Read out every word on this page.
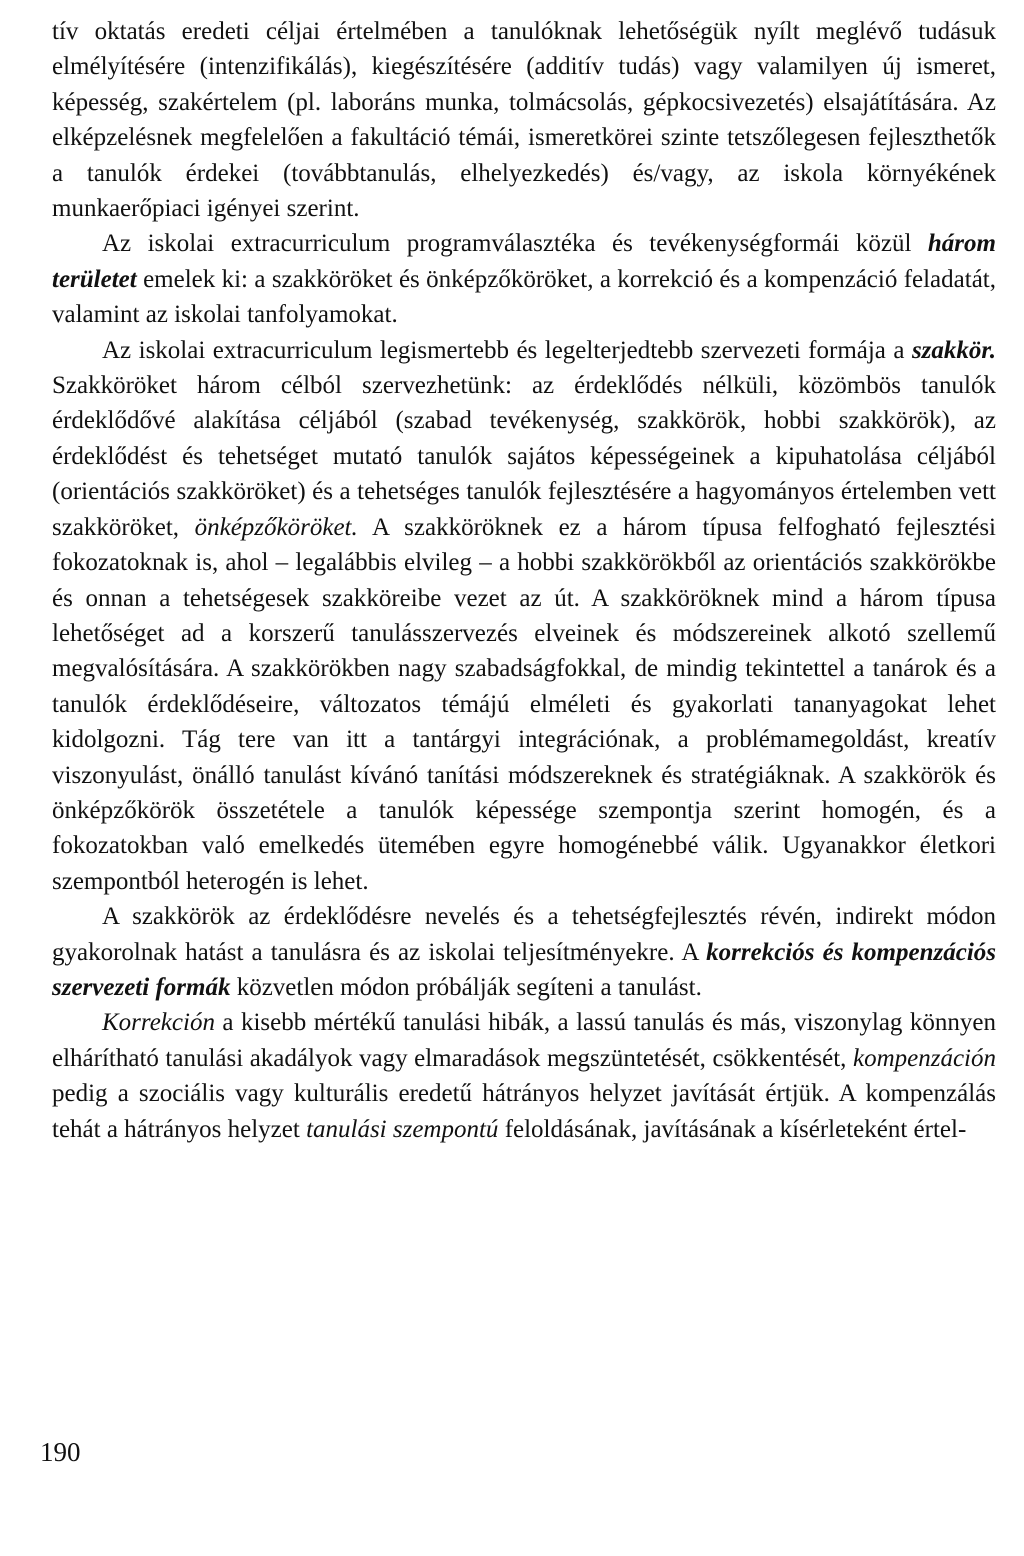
tív oktatás eredeti céljai értelmében a tanulóknak lehetőségük nyílt meglévő tudásuk elmélyítésére (intenzifikálás), kiegészítésére (additív tudás) vagy valamilyen új ismeret, képesség, szakértelem (pl. laboráns munka, tolmácsolás, gépkocsivezetés) elsajátítására. Az elképzelésnek megfelelően a fakultáció témái, ismeretkörei szinte tetszőlegesen fejleszthetők a tanulók érdekei (továbbtanulás, elhelyezkedés) és/vagy, az iskola környékének munkaerőpiaci igényei szerint.

Az iskolai extracurriculum programválasztéka és tevékenységformái közül három területet emelek ki: a szakköröket és önképzőköröket, a korrekció és a kompenzáció feladatát, valamint az iskolai tanfolyamokat.

Az iskolai extracurriculum legismertebb és legelterjedtebb szervezeti formája a szakkör. Szakköröket három célból szervezhetünk: az érdeklődés nélküli, közömbös tanulók érdeklődővé alakítása céljából (szabad tevékenység, szakkörök, hobbi szakkörök), az érdeklődést és tehetséget mutató tanulók sajátos képességeinek a kipuhatolása céljából (orientációs szakköröket) és a tehetséges tanulók fejlesztésére a hagyományos értelemben vett szakköröket, önképzőköröket. A szakköröknek ez a három típusa felfogható fejlesztési fokozatoknak is, ahol – legalábbis elvileg – a hobbi szakkörökből az orientációs szakkörökbe és onnan a tehetségesek szakköreibe vezet az út. A szakköröknek mind a három típusa lehetőséget ad a korszerű tanulásszervezés elveinek és módszereinek alkotó szellemű megvalósítására. A szakkörökben nagy szabadságfokkal, de mindig tekintettel a tanárok és a tanulók érdeklődéseire, változatos témájú elméleti és gyakorlati tananyagokat lehet kidolgozni. Tág tere van itt a tantárgyi integrációnak, a problémamegoldást, kreatív viszonyulást, önálló tanulást kívánó tanítási módszereknek és stratégiáknak. A szakkörök és önképzőkörök összetétele a tanulók képessége szempontja szerint homogén, és a fokozatokban való emelkedés ütemében egyre homogénebbé válik. Ugyanakkor életkori szempontból heterogén is lehet.

A szakkörök az érdeklődésre nevelés és a tehetségfejlesztés révén, indirekt módon gyakorolnak hatást a tanulásra és az iskolai teljesítményekre. A korrekciós és kompenzációs szervezeti formák közvetlen módon próbálják segíteni a tanulást.

Korrekción a kisebb mértékű tanulási hibák, a lassú tanulás és más, viszonylag könnyen elhárítható tanulási akadályok vagy elmaradások megszüntetését, csökkentését, kompenzáción pedig a szociális vagy kulturális eredetű hátrányos helyzet javítását értjük. A kompenzálás tehát a hátrányos helyzet tanulási szempontú feloldásának, javításának a kísérleteként értel-

190
